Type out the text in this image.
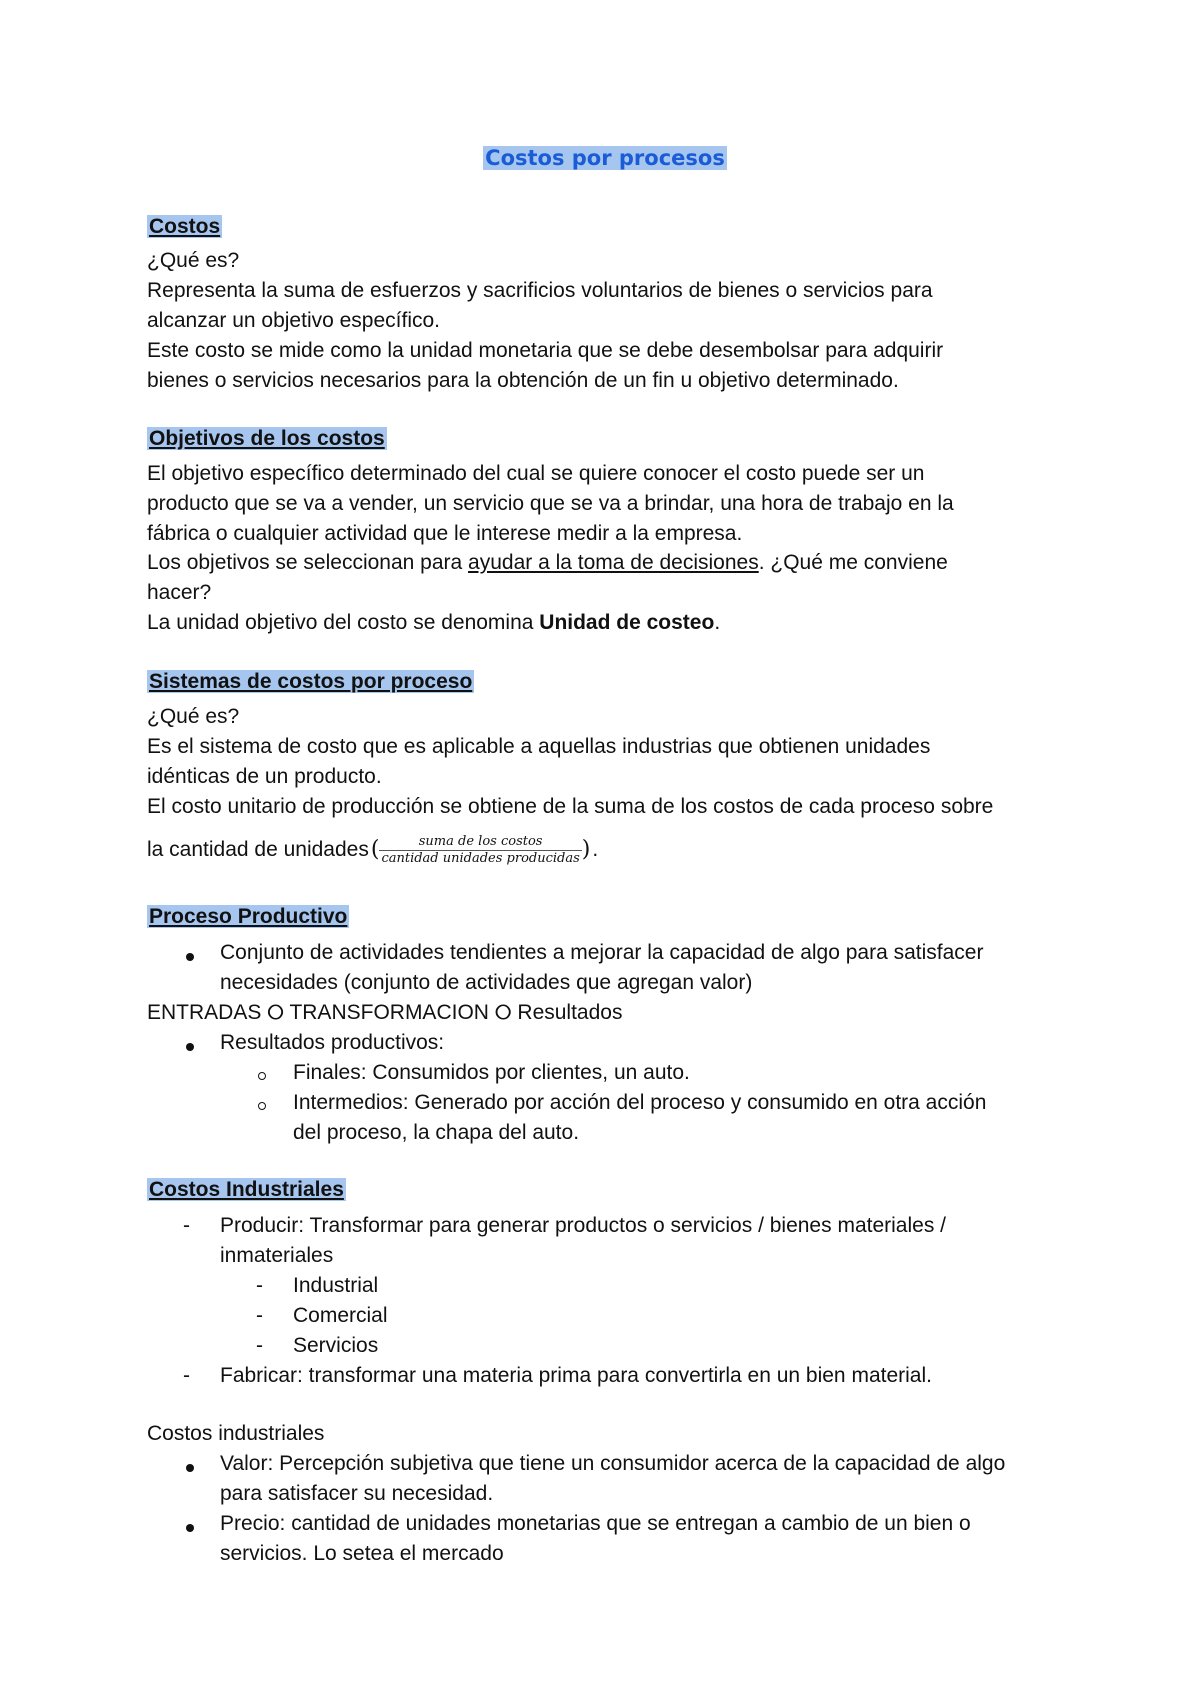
Costos por procesos
Costos
¿Qué es?
Representa la suma de esfuerzos y sacrificios voluntarios de bienes o servicios para
alcanzar un objetivo específico.
Este costo se mide como la unidad monetaria que se debe desembolsar para adquirir
bienes o servicios necesarios para la obtención de un fin u objetivo determinado.
Objetivos de los costos
El objetivo específico determinado del cual se quiere conocer el costo puede ser un
producto que se va a vender, un servicio que se va a brindar, una hora de trabajo en la
fábrica o cualquier actividad que le interese medir a la empresa.
Los objetivos se seleccionan para ayudar a la toma de decisiones. ¿Qué me conviene
hacer?
La unidad objetivo del costo se denomina Unidad de costeo.
Sistemas de costos por proceso
¿Qué es?
Es el sistema de costo que es aplicable a aquellas industrias que obtienen unidades
idénticas de un producto.
El costo unitario de producción se obtiene de la suma de los costos de cada proceso sobre
la cantidad de unidades( $\frac{\text{suma de los costos}}{\text{cantidad unidades producidas}}$ ).
Proceso Productivo
Conjunto de actividades tendientes a mejorar la capacidad de algo para satisfacer
necesidades (conjunto de actividades que agregan valor)
ENTRADAS ⭘ TRANSFORMACION ⭘ Resultados
Resultados productivos:
Finales: Consumidos por clientes, un auto.
Intermedios: Generado por acción del proceso y consumido en otra acción
del proceso, la chapa del auto.
Costos Industriales
- Producir: Transformar para generar productos o servicios / bienes materiales /
inmateriales
- Industrial
- Comercial
- Servicios
- Fabricar: transformar una materia prima para convertirla en un bien material.
Costos industriales
Valor: Percepción subjetiva que tiene un consumidor acerca de la capacidad de algo
para satisfacer su necesidad.
Precio: cantidad de unidades monetarias que se entregan a cambio de un bien o
servicios. Lo setea el mercado
